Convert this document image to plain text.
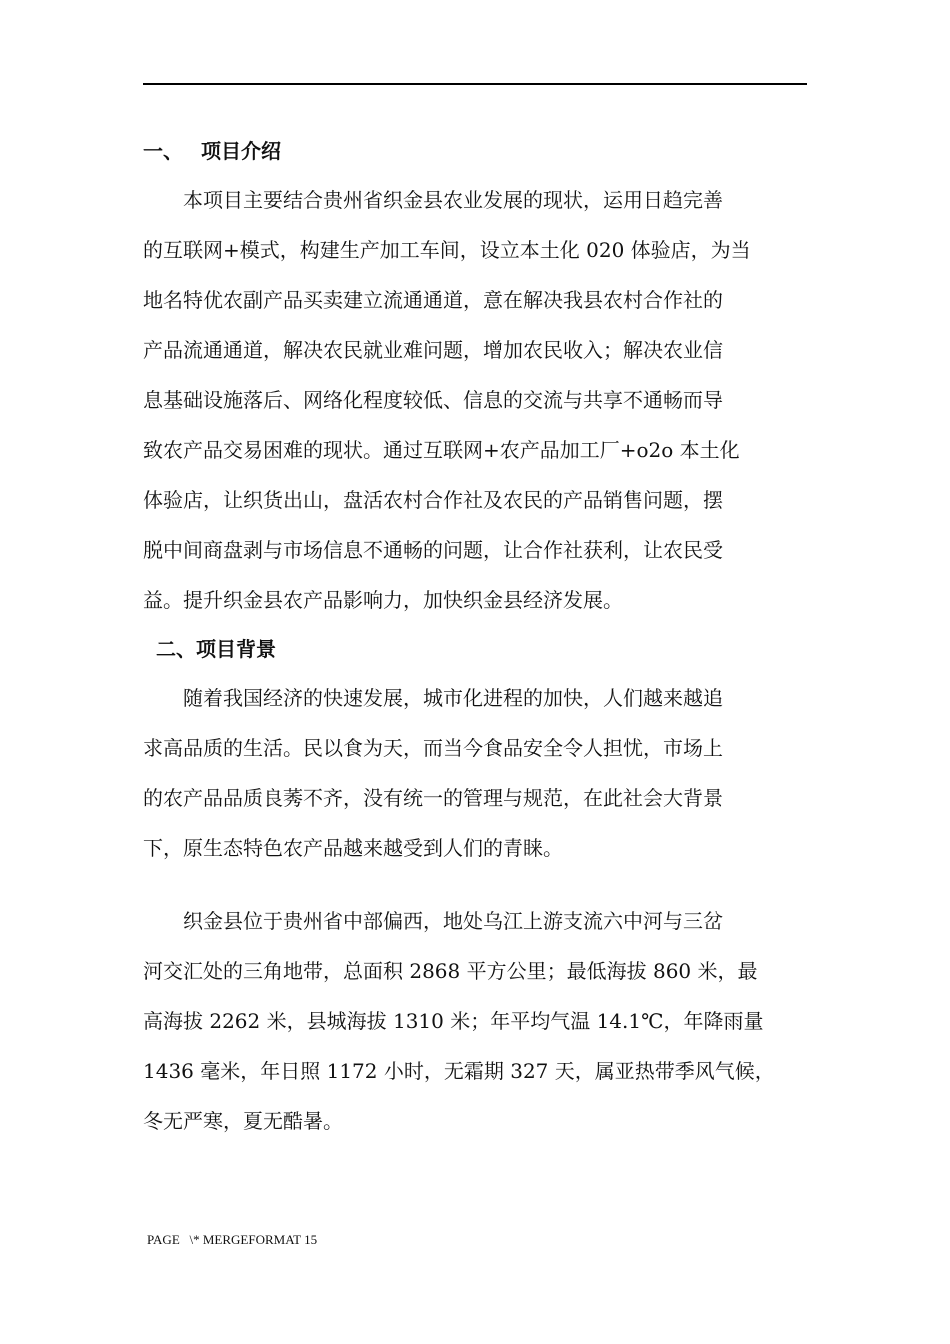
一、 项目介绍
　　本项目主要结合贵州省织金县农业发展的现状，运用日趋完善
的互联网+模式，构建生产加工车间，设立本土化 020 体验店，为当
地名特优农副产品买卖建立流通通道，意在解决我县农村合作社的
产品流通通道，解决农民就业难问题，增加农民收入；解决农业信
息基础设施落后、网络化程度较低、信息的交流与共享不通畅而导
致农产品交易困难的现状。通过互联网+农产品加工厂+o2o 本土化
体验店，让织货出山，盘活农村合作社及农民的产品销售问题，摆
脱中间商盘剥与市场信息不通畅的问题，让合作社获利，让农民受
益。提升织金县农产品影响力，加快织金县经济发展。
二、项目背景
　　随着我国经济的快速发展，城市化进程的加快，人们越来越追
求高品质的生活。民以食为天，而当今食品安全令人担忧，市场上
的农产品品质良莠不齐，没有统一的管理与规范，在此社会大背景
下，原生态特色农产品越来越受到人们的青睐。
　　织金县位于贵州省中部偏西，地处乌江上游支流六中河与三岔
河交汇处的三角地带，总面积 2868 平方公里；最低海拔 860 米，最
高海拔 2262 米，县城海拔 1310 米；年平均气温 14.1℃，年降雨量
1436 毫米，年日照 1172 小时，无霜期 327 天，属亚热带季风气候，
冬无严寒，夏无酷暑。
PAGE   \* MERGEFORMAT 15
